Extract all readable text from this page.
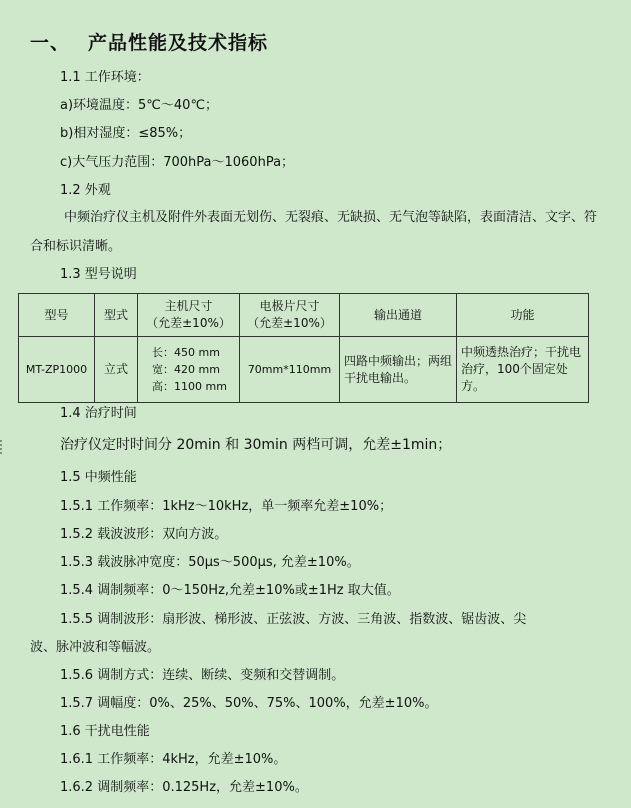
一、 产品性能及技术指标
1.1 工作环境：
a)环境温度：5℃～40℃；
b)相对湿度：≤85%；
c)大气压力范围：700hPa～1060hPa；
1.2 外观
中频治疗仪主机及附件外表面无划伤、无裂痕、无缺损、无气泡等缺陷，表面清洁、文字、符合和标识清晰。
1.3 型号说明
型号	型式	主机尺寸
（允差±10%）	电极片尺寸
（允差±10%）	输出通道	功能
MT-ZP1000	立式	长：450 mm
宽：420 mm
高：1100 mm	70mm*110mm	四路中频输出；两组干扰电输出。	中频透热治疗；干扰电治疗，100个固定处方。
1.4 治疗时间
治疗仪定时时间分 20min 和 30min 两档可调，允差±1min；
1.5 中频性能
1.5.1 工作频率：1kHz～10kHz，单一频率允差±10%；
1.5.2 载波波形：双向方波。
1.5.3 载波脉冲宽度：50μs～500μs, 允差±10%。
1.5.4 调制频率：0～150Hz,允差±10%或±1Hz 取大值。
1.5.5 调制波形：扇形波、梯形波、正弦波、方波、三角波、指数波、锯齿波、尖
波、脉冲波和等幅波。
1.5.6 调制方式：连续、断续、变频和交替调制。
1.5.7 调幅度：0%、25%、50%、75%、100%，允差±10%。
1.6 干扰电性能
1.6.1 工作频率：4kHz，允差±10%。
1.6.2 调制频率：0.125Hz，允差±10%。
